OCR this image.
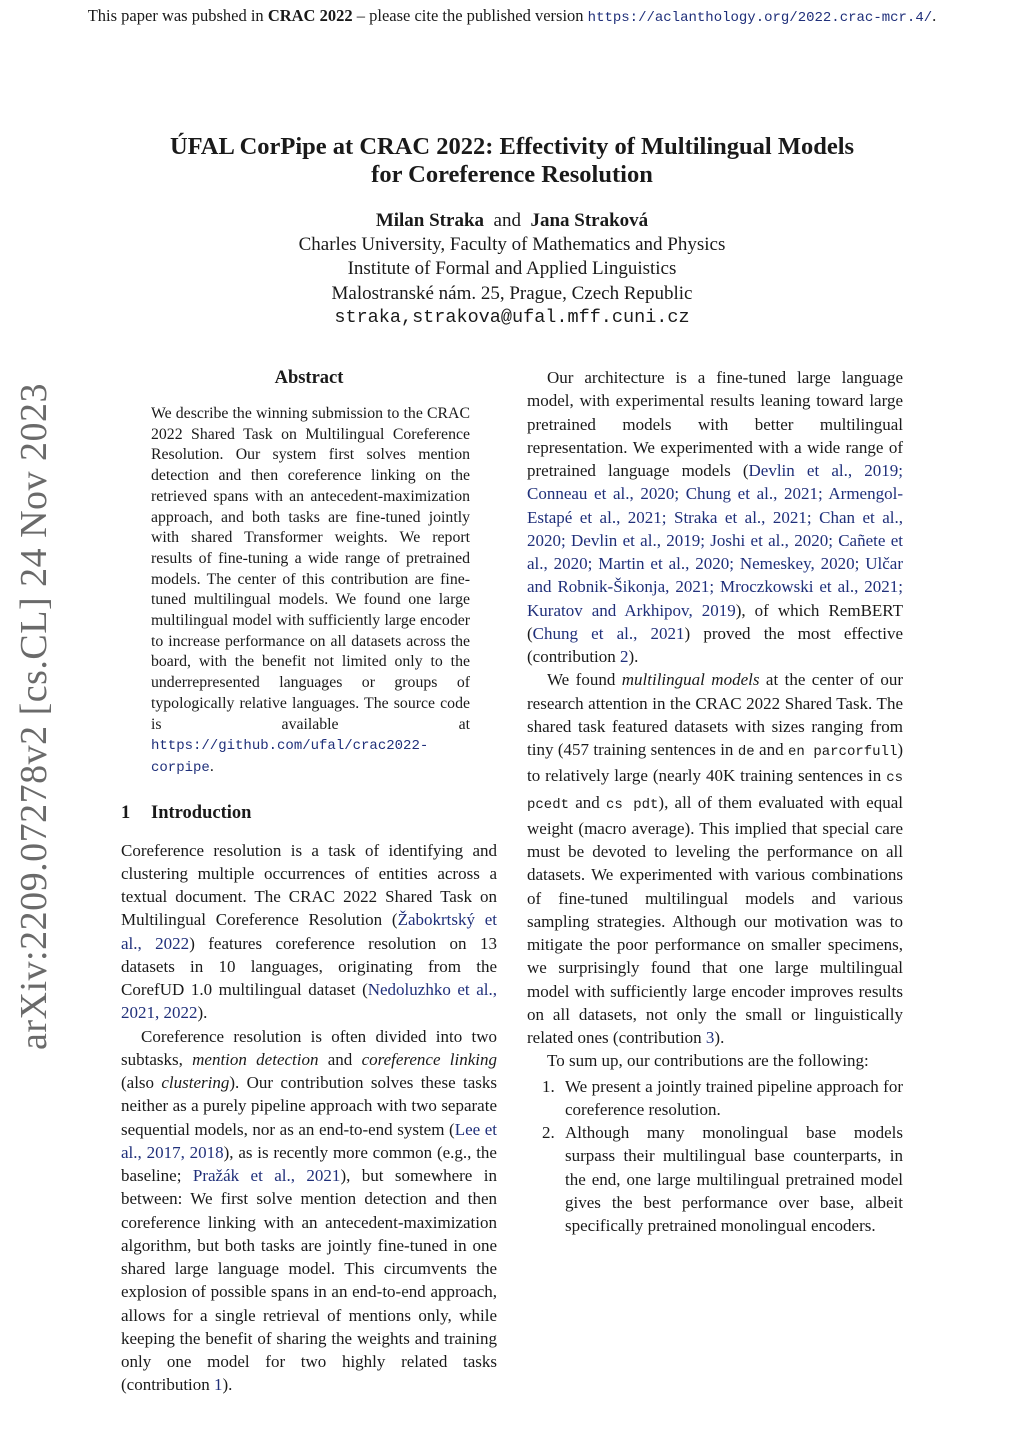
This paper was pubshed in CRAC 2022 – please cite the published version https://aclanthology.org/2022.crac-mcr.4/.
arXiv:2209.07278v2 [cs.CL] 24 Nov 2023
ÚFAL CorPipe at CRAC 2022: Effectivity of Multilingual Models
for Coreference Resolution
Milan Straka and Jana Straková
Charles University, Faculty of Mathematics and Physics
Institute of Formal and Applied Linguistics
Malostranské nám. 25, Prague, Czech Republic
straka,strakova@ufal.mff.cuni.cz
Abstract
We describe the winning submission to the CRAC 2022 Shared Task on Multilingual Coreference Resolution. Our system first solves mention detection and then coreference linking on the retrieved spans with an antecedent-maximization approach, and both tasks are fine-tuned jointly with shared Transformer weights. We report results of fine-tuning a wide range of pretrained models. The center of this contribution are fine-tuned multilingual models. We found one large multilingual model with sufficiently large encoder to increase performance on all datasets across the board, with the benefit not limited only to the underrepresented languages or groups of typologically relative languages. The source code is available at https://github.com/ufal/crac2022-corpipe.
1 Introduction

Coreference resolution is a task of identifying and clustering multiple occurrences of entities across a textual document. The CRAC 2022 Shared Task on Multilingual Coreference Resolution (Žabokrtský et al., 2022) features coreference resolution on 13 datasets in 10 languages, originating from the CorefUD 1.0 multilingual dataset (Nedoluzhko et al., 2021, 2022).

Coreference resolution is often divided into two subtasks, mention detection and coreference linking (also clustering). Our contribution solves these tasks neither as a purely pipeline approach with two separate sequential models, nor as an end-to-end system (Lee et al., 2017, 2018), as is recently more common (e.g., the baseline; Pražák et al., 2021), but somewhere in between: We first solve mention detection and then coreference linking with an antecedent-maximization algorithm, but both tasks are jointly fine-tuned in one shared large language model. This circumvents the explosion of possible spans in an end-to-end approach, allows for a single retrieval of mentions only, while keeping the benefit of sharing the weights and training only one model for two highly related tasks (contribution 1).

Our architecture is a fine-tuned large language model, with experimental results leaning toward large pretrained models with better multilingual representation. We experimented with a wide range of pretrained language models (Devlin et al., 2019; Conneau et al., 2020; Chung et al., 2021; Armengol-Estapé et al., 2021; Straka et al., 2021; Chan et al., 2020; Devlin et al., 2019; Joshi et al., 2020; Cañete et al., 2020; Martin et al., 2020; Nemeskey, 2020; Ulčar and Robnik-Šikonja, 2021; Mroczkowski et al., 2021; Kuratov and Arkhipov, 2019), of which RemBERT (Chung et al., 2021) proved the most effective (contribution 2).

We found multilingual models at the center of our research attention in the CRAC 2022 Shared Task. The shared task featured datasets with sizes ranging from tiny (457 training sentences in de and en parcorfull) to relatively large (nearly 40K training sentences in cs pcedt and cs pdt), all of them evaluated with equal weight (macro average). This implied that special care must be devoted to leveling the performance on all datasets. We experimented with various combinations of fine-tuned multilingual models and various sampling strategies. Although our motivation was to mitigate the poor performance on smaller specimens, we surprisingly found that one large multilingual model with sufficiently large encoder improves results on all datasets, not only the small or linguistically related ones (contribution 3).

To sum up, our contributions are the following:

1. We present a jointly trained pipeline approach for coreference resolution.
2. Although many monolingual base models surpass their multilingual base counterparts, in the end, one large multilingual pretrained model gives the best performance over base, albeit specifically pretrained monolingual encoders.
